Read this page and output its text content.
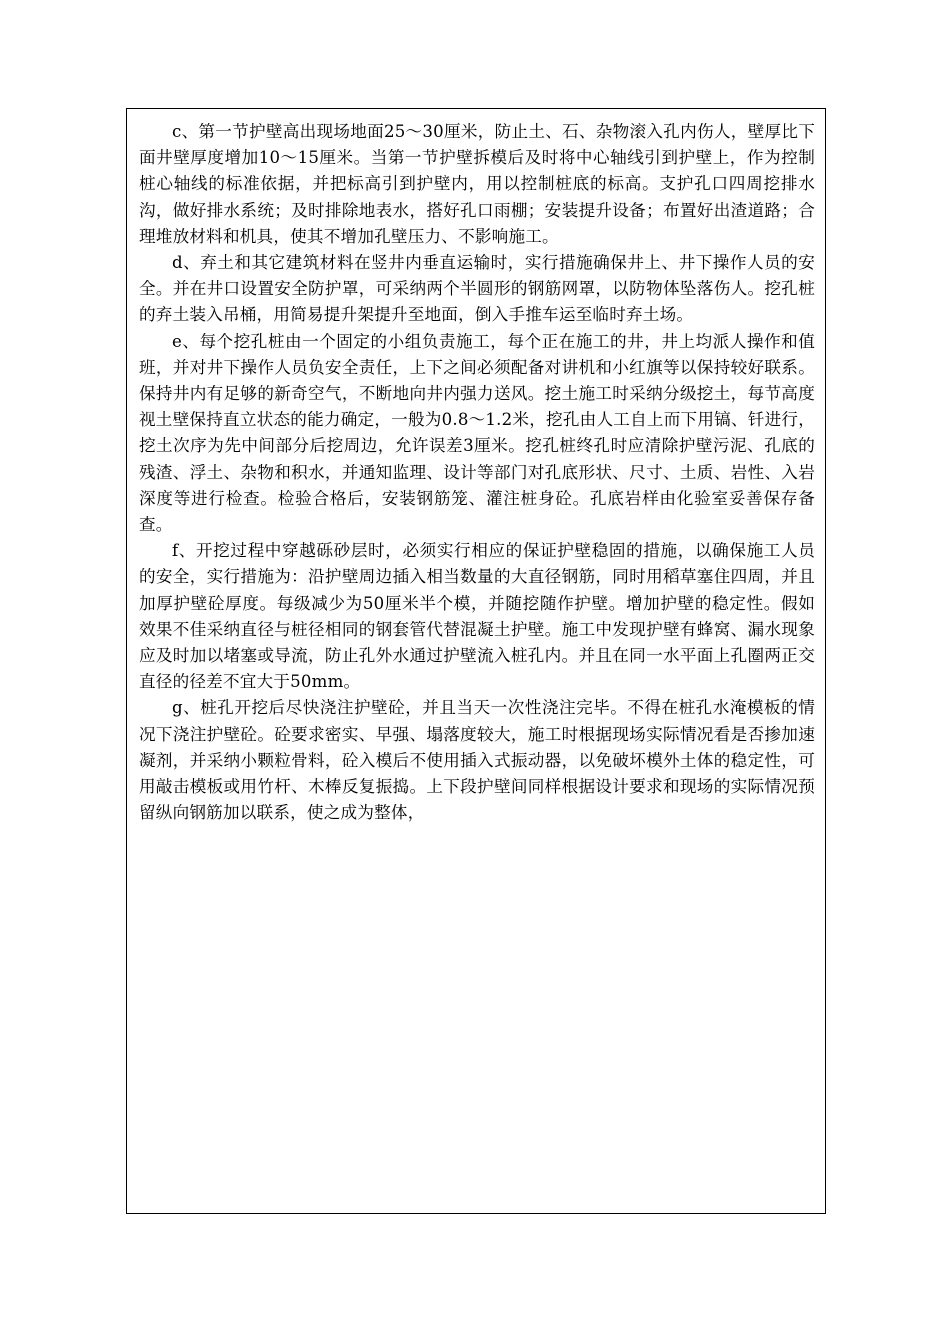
c、第一节护壁高出现场地面25～30厘米，防止土、石、杂物滚入孔内伤人，壁厚比下面井壁厚度增加10～15厘米。当第一节护壁拆模后及时将中心轴线引到护壁上，作为控制桩心轴线的标准依据，并把标高引到护壁内，用以控制桩底的标高。支护孔口四周挖排水沟，做好排水系统；及时排除地表水，搭好孔口雨棚；安装提升设备；布置好出渣道路；合理堆放材料和机具，使其不增加孔壁压力、不影响施工。

d、弃土和其它建筑材料在竖井内垂直运输时，实行措施确保井上、井下操作人员的安全。并在井口设置安全防护罩，可采纳两个半圆形的钢筋网罩，以防物体坠落伤人。挖孔桩的弃土装入吊桶，用简易提升架提升至地面，倒入手推车运至临时弃土场。

e、每个挖孔桩由一个固定的小组负责施工，每个正在施工的井，井上均派人操作和值班，并对井下操作人员负安全责任，上下之间必须配备对讲机和小红旗等以保持较好联系。保持井内有足够的新奇空气，不断地向井内强力送风。挖土施工时采纳分级挖土，每节高度视土壁保持直立状态的能力确定，一般为0.8～1.2米，挖孔由人工自上而下用镐、钎进行，挖土次序为先中间部分后挖周边，允许误差3厘米。挖孔桩终孔时应清除护壁污泥、孔底的残渣、浮土、杂物和积水，并通知监理、设计等部门对孔底形状、尺寸、土质、岩性、入岩深度等进行检查。检验合格后，安装钢筋笼、灌注桩身砼。孔底岩样由化验室妥善保存备查。

f、开挖过程中穿越砾砂层时，必须实行相应的保证护壁稳固的措施，以确保施工人员的安全，实行措施为：沿护壁周边插入相当数量的大直径钢筋，同时用稻草塞住四周，并且加厚护壁砼厚度。每级减少为50厘米半个模，并随挖随作护壁。增加护壁的稳定性。假如效果不佳采纳直径与桩径相同的钢套管代替混凝土护壁。施工中发现护壁有蜂窝、漏水现象应及时加以堵塞或导流，防止孔外水通过护壁流入桩孔内。并且在同一水平面上孔圈两正交直径的径差不宜大于50mm。

g、桩孔开挖后尽快浇注护壁砼，并且当天一次性浇注完毕。不得在桩孔水淹模板的情况下浇注护壁砼。砼要求密实、早强、塌落度较大，施工时根据现场实际情况看是否掺加速凝剂，并采纳小颗粒骨料，砼入模后不使用插入式振动器，以免破坏模外土体的稳定性，可用敲击模板或用竹杆、木棒反复振捣。上下段护壁间同样根据设计要求和现场的实际情况预留纵向钢筋加以联系，使之成为整体，
